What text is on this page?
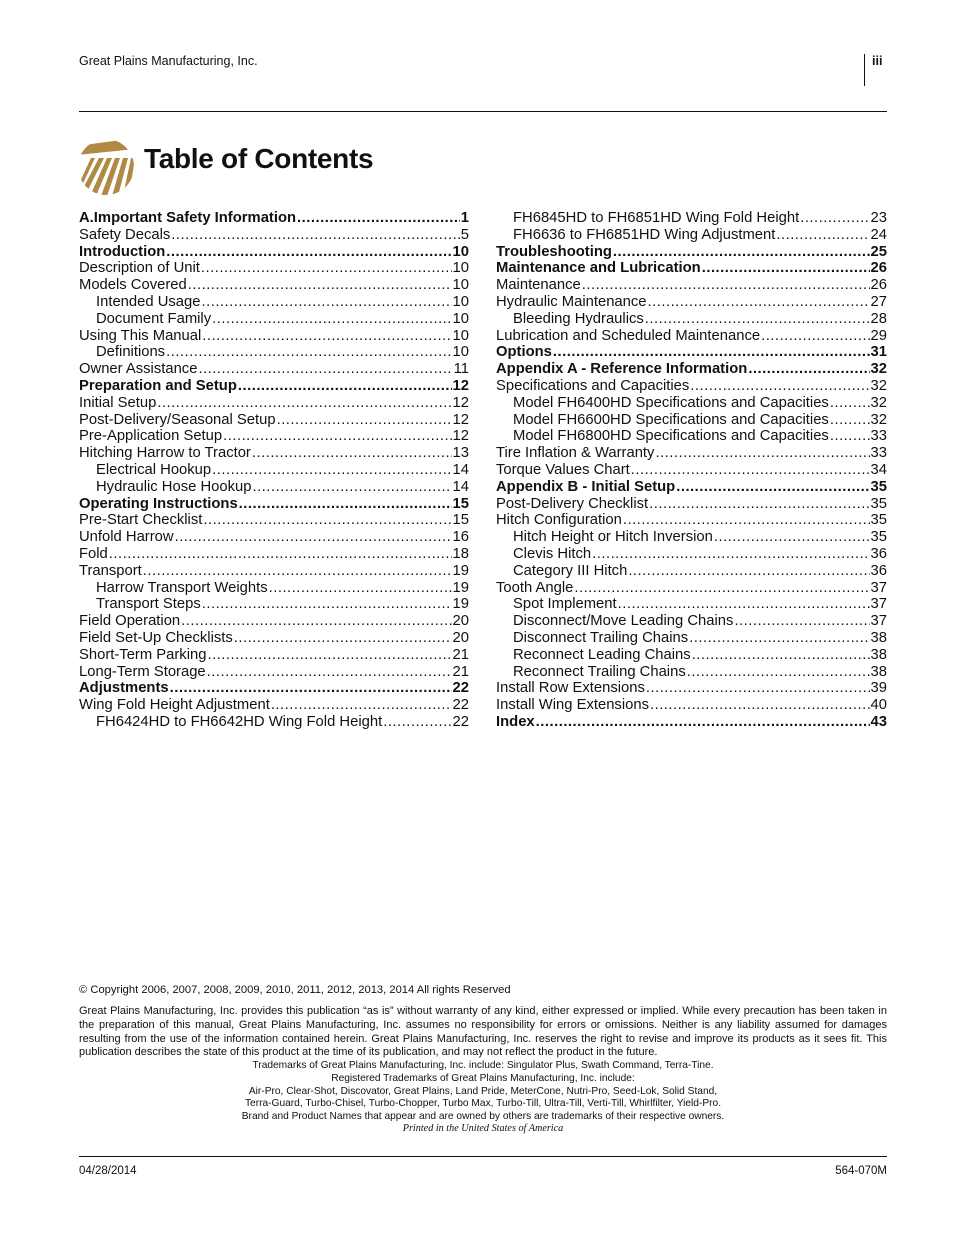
Great Plains Manufacturing, Inc.	iii
Table of Contents
A.Important Safety Information .....	1
Safety Decals .....	5
Introduction .....	10
Description of Unit .....	10
Models Covered .....	10
Intended Usage .....	10
Document Family .....	10
Using This Manual .....	10
Definitions .....	10
Owner Assistance .....	11
Preparation and Setup .....	12
Initial Setup .....	12
Post-Delivery/Seasonal Setup .....	12
Pre-Application Setup .....	12
Hitching Harrow to Tractor .....	13
Electrical Hookup .....	14
Hydraulic Hose Hookup .....	14
Operating Instructions .....	15
Pre-Start Checklist .....	15
Unfold Harrow .....	16
Fold .....	18
Transport .....	19
Harrow Transport Weights .....	19
Transport Steps .....	19
Field Operation .....	20
Field Set-Up Checklists .....	20
Short-Term Parking .....	21
Long-Term Storage .....	21
Adjustments .....	22
Wing Fold Height Adjustment .....	22
FH6424HD to FH6642HD Wing Fold Height .....	22
FH6845HD to FH6851HD Wing Fold Height .....	23
FH6636 to FH6851HD Wing Adjustment .....	24
Troubleshooting .....	25
Maintenance and Lubrication .....	26
Maintenance .....	26
Hydraulic Maintenance .....	27
Bleeding Hydraulics .....	28
Lubrication and Scheduled Maintenance .....	29
Options .....	31
Appendix A - Reference Information .....	32
Specifications and Capacities .....	32
Model FH6400HD Specifications and Capacities .....	32
Model FH6600HD Specifications and Capacities .....	32
Model FH6800HD Specifications and Capacities .....	33
Tire Inflation & Warranty .....	33
Torque Values Chart .....	34
Appendix B - Initial Setup .....	35
Post-Delivery Checklist .....	35
Hitch Configuration .....	35
Hitch Height or Hitch Inversion .....	35
Clevis Hitch .....	36
Category III Hitch .....	36
Tooth Angle .....	37
Spot Implement .....	37
Disconnect/Move Leading Chains .....	37
Disconnect Trailing Chains .....	38
Reconnect Leading Chains .....	38
Reconnect Trailing Chains .....	38
Install Row Extensions .....	39
Install Wing Extensions .....	40
Index .....	43
© Copyright 2006, 2007, 2008, 2009, 2010, 2011, 2012, 2013, 2014 All rights Reserved
Great Plains Manufacturing, Inc. provides this publication “as is” without warranty of any kind, either expressed or implied. While every precaution has been taken in the preparation of this manual, Great Plains Manufacturing, Inc. assumes no responsibility for errors or omissions. Neither is any liability assumed for damages resulting from the use of the information contained herein. Great Plains Manufacturing, Inc. reserves the right to revise and improve its products as it sees fit. This publication describes the state of this product at the time of its publication, and may not reflect the product in the future.
Trademarks of Great Plains Manufacturing, Inc. include: Singulator Plus, Swath Command, Terra-Tine.
Registered Trademarks of Great Plains Manufacturing, Inc. include:
Air-Pro, Clear-Shot, Discovator, Great Plains, Land Pride, MeterCone, Nutri-Pro, Seed-Lok, Solid Stand,
Terra-Guard, Turbo-Chisel, Turbo-Chopper, Turbo Max, Turbo-Till, Ultra-Till, Verti-Till, Whirlfilter, Yield-Pro.
Brand and Product Names that appear and are owned by others are trademarks of their respective owners.
Printed in the United States of America
04/28/2014	564-070M
